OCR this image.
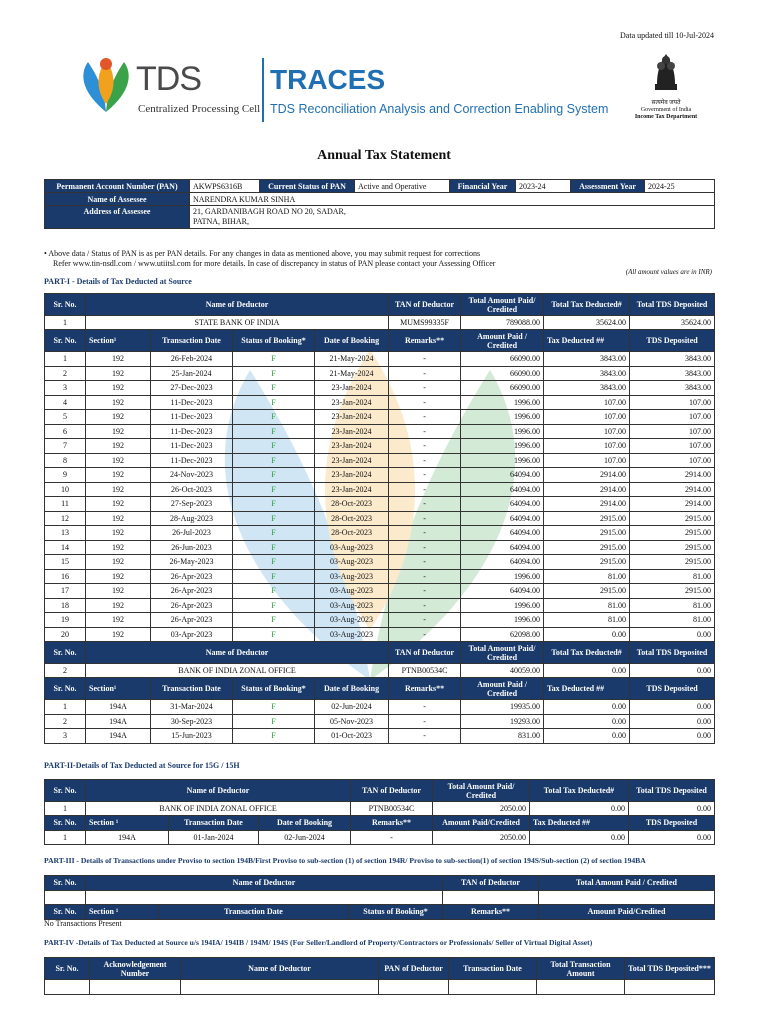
Data updated till 10-Jul-2024
TDS
Centralized Processing Cell
TRACES
TDS Reconciliation Analysis and Correction Enabling System	सत्यमेव जयते
Government of India
Income Tax Department
Annual Tax Statement
Permanent Account Number (PAN)	AKWPS6316B	Current Status of PAN	Active and Operative	Financial Year	2023-24	Assessment Year	2024-25
Name of Assessee	NARENDRA KUMAR SINHA						
Address of Assessee	21, GARDANIBAGH ROAD NO 20, SADAR,
PATNA, BIHAR,						
• Above data / Status of PAN is as per PAN details. For any changes in data as mentioned above, you may submit request for corrections
Refer www.tin-nsdl.com / www.utiitsl.com for more details. In case of discrepancy in status of PAN please contact your Assessing Officer
(All amount values are in INR)
PART-I - Details of Tax Deducted at Source
Sr. No.	Name of Deductor				TAN of Deductor	Total Amount Paid/ Credited	Total Tax Deducted#	Total TDS Deposited
1	STATE BANK OF INDIA				MUMS99335F	789088.00	35624.00	35624.00
Sr. No.	Section¹	Transaction Date	Status of Booking*	Date of Booking	Remarks**	Amount Paid / Credited	Tax Deducted ##	TDS Deposited
1	192	26-Feb-2024	F	21-May-2024	-	66090.00	3843.00	3843.00
2	192	25-Jan-2024	F	21-May-2024	-	66090.00	3843.00	3843.00
3	192	27-Dec-2023	F	23-Jan-2024	-	66090.00	3843.00	3843.00
4	192	11-Dec-2023	F	23-Jan-2024	-	1996.00	107.00	107.00
5	192	11-Dec-2023	F	23-Jan-2024	-	1996.00	107.00	107.00
6	192	11-Dec-2023	F	23-Jan-2024	-	1996.00	107.00	107.00
7	192	11-Dec-2023	F	23-Jan-2024	-	1996.00	107.00	107.00
8	192	11-Dec-2023	F	23-Jan-2024	-	1996.00	107.00	107.00
9	192	24-Nov-2023	F	23-Jan-2024	-	64094.00	2914.00	2914.00
10	192	26-Oct-2023	F	23-Jan-2024	-	64094.00	2914.00	2914.00
11	192	27-Sep-2023	F	28-Oct-2023	-	64094.00	2914.00	2914.00
12	192	28-Aug-2023	F	28-Oct-2023	-	64094.00	2915.00	2915.00
13	192	26-Jul-2023	F	28-Oct-2023	-	64094.00	2915.00	2915.00
14	192	26-Jun-2023	F	03-Aug-2023	-	64094.00	2915.00	2915.00
15	192	26-May-2023	F	03-Aug-2023	-	64094.00	2915.00	2915.00
16	192	26-Apr-2023	F	03-Aug-2023	-	1996.00	81.00	81.00
17	192	26-Apr-2023	F	03-Aug-2023	-	64094.00	2915.00	2915.00
18	192	26-Apr-2023	F	03-Aug-2023	-	1996.00	81.00	81.00
19	192	26-Apr-2023	F	03-Aug-2023	-	1996.00	81.00	81.00
20	192	03-Apr-2023	F	03-Aug-2023	-	62098.00	0.00	0.00
Sr. No.	Name of Deductor				TAN of Deductor	Total Amount Paid/ Credited	Total Tax Deducted#	Total TDS Deposited
2	BANK OF INDIA ZONAL OFFICE				PTNB00534C	40059.00	0.00	0.00
Sr. No.	Section¹	Transaction Date	Status of Booking*	Date of Booking	Remarks**	Amount Paid / Credited	Tax Deducted ##	TDS Deposited
1	194A	31-Mar-2024	F	02-Jun-2024	-	19935.00	0.00	0.00
2	194A	30-Sep-2023	F	05-Nov-2023	-	19293.00	0.00	0.00
3	194A	15-Jun-2023	F	01-Oct-2023	-	831.00	0.00	0.00
PART-II-Details of Tax Deducted at Source for 15G / 15H
Sr. No.	Name of Deductor			TAN of Deductor	Total Amount Paid/ Credited	Total Tax Deducted#	Total TDS Deposited
1	BANK OF INDIA ZONAL OFFICE			PTNB00534C	2050.00	0.00	0.00
Sr. No.	Section ¹	Transaction Date	Date of Booking	Remarks**	Amount Paid/Credited	Tax Deducted ##	TDS Deposited
1	194A	01-Jan-2024	02-Jun-2024	-	2050.00	0.00	0.00
PART-III - Details of Transactions under Proviso to section 194B/First Proviso to sub-section (1) of section 194R/ Proviso to sub-section(1) of section 194S/Sub-section (2) of section 194BA
Sr. No.	Name of Deductor			TAN of Deductor	Total Amount Paid / Credited

Sr. No.	Section ¹	Transaction Date	Status of Booking*	Remarks**	Amount Paid/Credited
No Transactions Present
PART-IV -Details of Tax Deducted at Source u/s 194IA/ 194IB / 194M/ 194S (For Seller/Landlord of Property/Contractors or Professionals/ Seller of Virtual Digital Asset)
Sr. No.	Acknowledgement Number	Name of Deductor	PAN of Deductor	Transaction Date	Total Transaction Amount	Total TDS Deposited***
